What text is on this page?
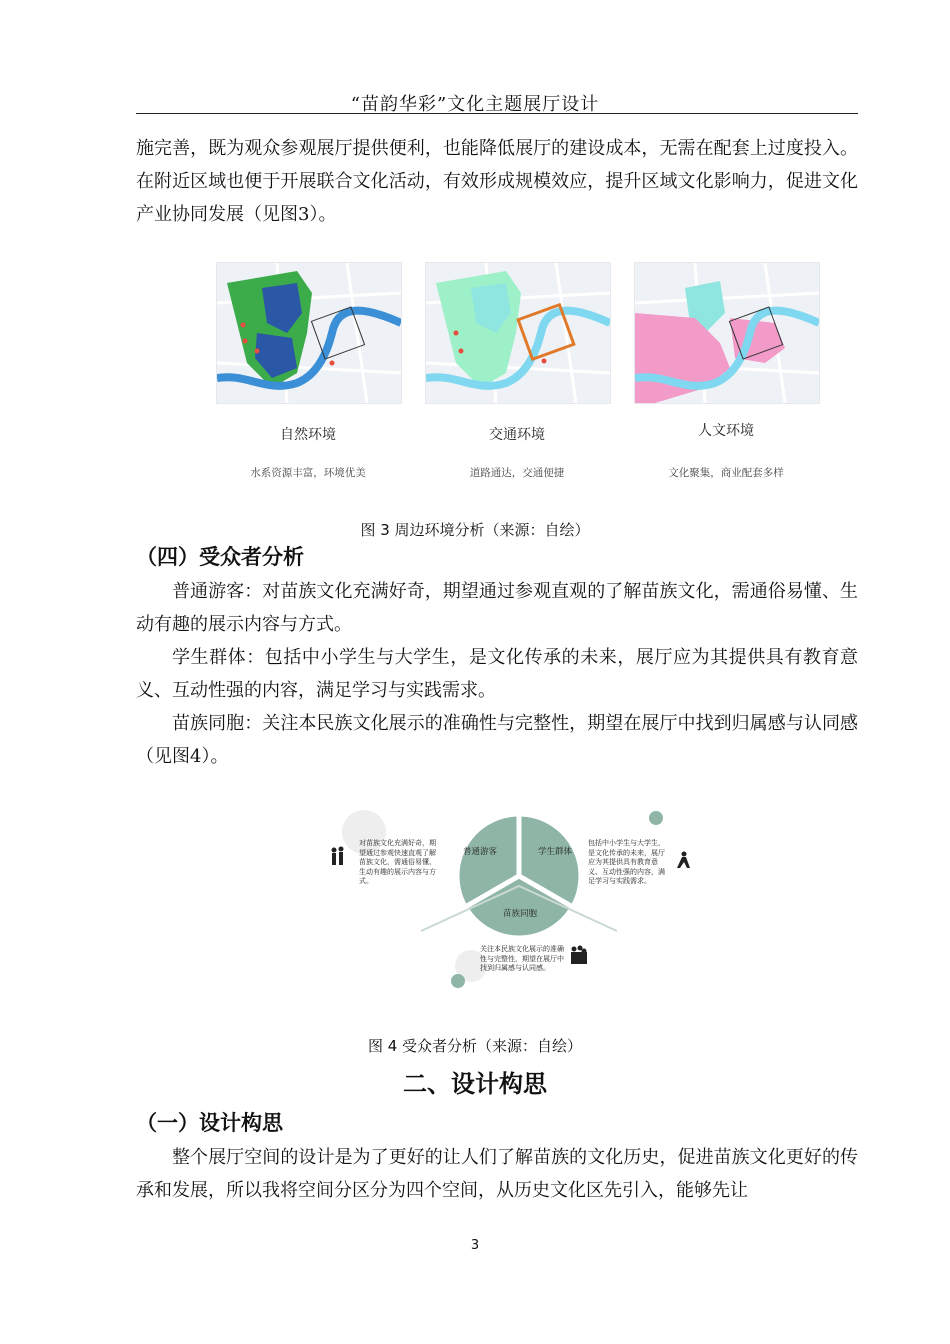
“苗韵华彩”文化主题展厅设计
施完善，既为观众参观展厅提供便利，也能降低展厅的建设成本，无需在配套上过度投入。在附近区域也便于开展联合文化活动，有效形成规模效应，提升区域文化影响力，促进文化产业协同发展（见图3）。
自然环境	交通环境	人文环境
水系资源丰富，环境优美	道路通达，交通便捷	文化聚集，商业配套多样
图 3 周边环境分析（来源：自绘）
（四）受众者分析
普通游客：对苗族文化充满好奇，期望通过参观直观的了解苗族文化，需通俗易懂、生动有趣的展示内容与方式。
学生群体：包括中小学生与大学生，是文化传承的未来，展厅应为其提供具有教育意义、互动性强的内容，满足学习与实践需求。
苗族同胞：关注本民族文化展示的准确性与完整性，期望在展厅中找到归属感与认同感（见图4）。
普通游客	学生群体
苗族同胞
对苗族文化充满好奇，期望通过参观快速直观了解苗族文化，需通俗易懂、生动有趣的展示内容与方式。
包括中小学生与大学生，是文化传承的未来，展厅应为其提供具有教育意义、互动性强的内容，满足学习与实践需求。
关注本民族文化展示的准确性与完整性，期望在展厅中找到归属感与认同感。
图 4 受众者分析（来源：自绘）
二、设计构思
（一）设计构思
整个展厅空间的设计是为了更好的让人们了解苗族的文化历史，促进苗族文化更好的传承和发展，所以我将空间分区分为四个空间，从历史文化区先引入，能够先让
3
